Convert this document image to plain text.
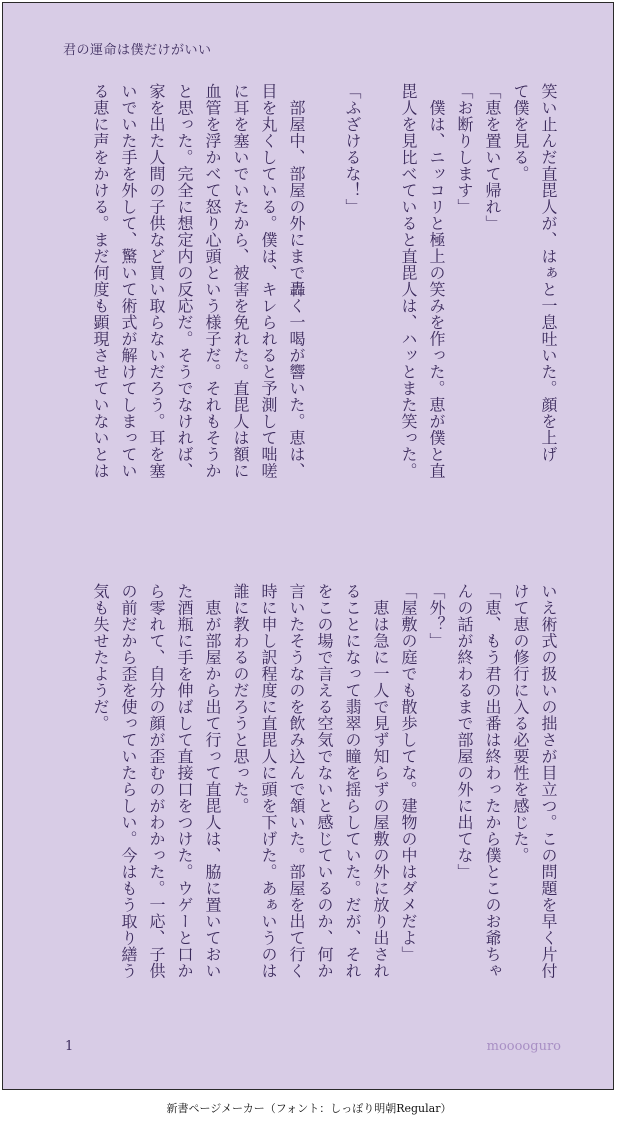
君の運命は僕だけがいい
笑い止んだ直毘人が、はぁと一息吐いた。顔を上げ
て僕を見る。
「恵を置いて帰れ」
「お断りします」
　僕は、ニッコリと極上の笑みを作った。恵が僕と直
毘人を見比べていると直毘人は、ハッとまた笑った。
「ふざけるな！」
　部屋中、部屋の外にまで轟く一喝が響いた。恵は、
目を丸くしている。僕は、キレられると予測して咄嗟
に耳を塞いでいたから、被害を免れた。直毘人は額に
血管を浮かべて怒り心頭という様子だ。それもそうか
と思った。完全に想定内の反応だ。そうでなければ、
家を出た人間の子供など買い取らないだろう。耳を塞
いでいた手を外して、驚いて術式が解けてしまってい
る恵に声をかける。まだ何度も顕現させていないとは
いえ術式の扱いの拙さが目立つ。この問題を早く片付
けて恵の修行に入る必要性を感じた。
「恵、もう君の出番は終わったから僕とこのお爺ちゃ
んの話が終わるまで部屋の外に出てな」
「外？」
「屋敷の庭でも散歩してな。建物の中はダメだよ」
　恵は急に一人で見ず知らずの屋敷の外に放り出され
ることになって翡翠の瞳を揺らしていた。だが、それ
をこの場で言える空気でないと感じているのか、何か
言いたそうなのを飲み込んで頷いた。部屋を出て行く
時に申し訳程度に直毘人に頭を下げた。あぁいうのは
誰に教わるのだろうと思った。
　恵が部屋から出て行って直毘人は、脇に置いておい
た酒瓶に手を伸ばして直接口をつけた。ウゲーと口か
ら零れて、自分の顔が歪むのがわかった。一応、子供
の前だから歪を使っていたらしい。今はもう取り繕う
気も失せたようだ。
1	mooooguro
新書ページメーカー（フォント：しっぽり明朝Regular）
